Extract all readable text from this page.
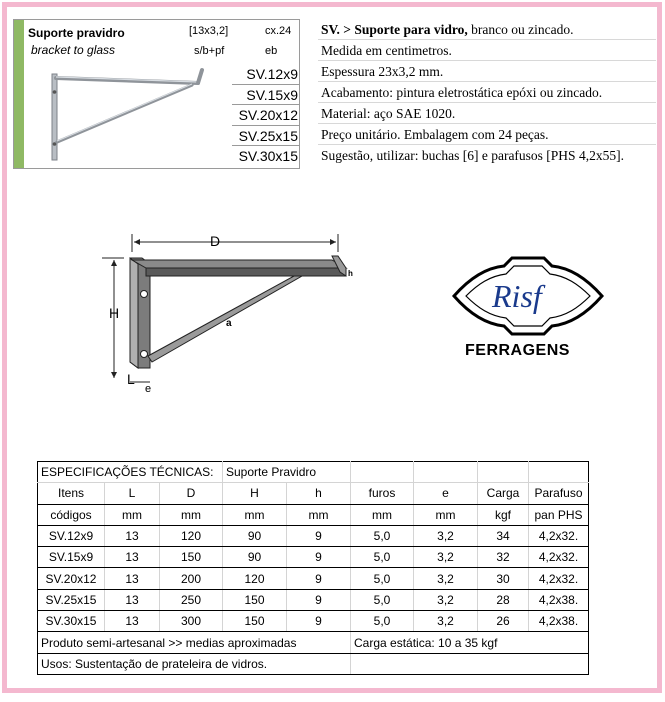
Suporte pravidro
bracket to glass
[13x3,2]	cx.24
s/b+pf	eb
SV.12x9
SV.15x9
SV.20x12
SV.25x15
SV.30x15
SV. > Suporte para vidro, branco ou zincado.
Medida em centimetros.
Espessura 23x3,2 mm.
Acabamento: pintura eletrostática epóxi ou zincado.
Material: aço SAE 1020.
Preço unitário. Embalagem com 24 peças.
Sugestão, utilizar: buchas [6] e parafusos [PHS 4,2x55].
D
H
a
L
e
h
Risf
FERRAGENS
ESPECIFICAÇÕES TÉCNICAS:			Suporte Pravidro					
Itens	L	D	H	h	furos	e	Carga	Parafuso
códigos	mm	mm	mm	mm	mm	mm	kgf	pan PHS
SV.12x9	13	120	90	9	5,0	3,2	34	4,2x32.
SV.15x9	13	150	90	9	5,0	3,2	32	4,2x32.
SV.20x12	13	200	120	9	5,0	3,2	30	4,2x32.
SV.25x15	13	250	150	9	5,0	3,2	28	4,2x38.
SV.30x15	13	300	150	9	5,0	3,2	26	4,2x38.
Produto semi-artesanal >> medias aproximadas					Carga estática: 10 a 35 kgf			
Usos: Sustentação de prateleira de vidros.								
